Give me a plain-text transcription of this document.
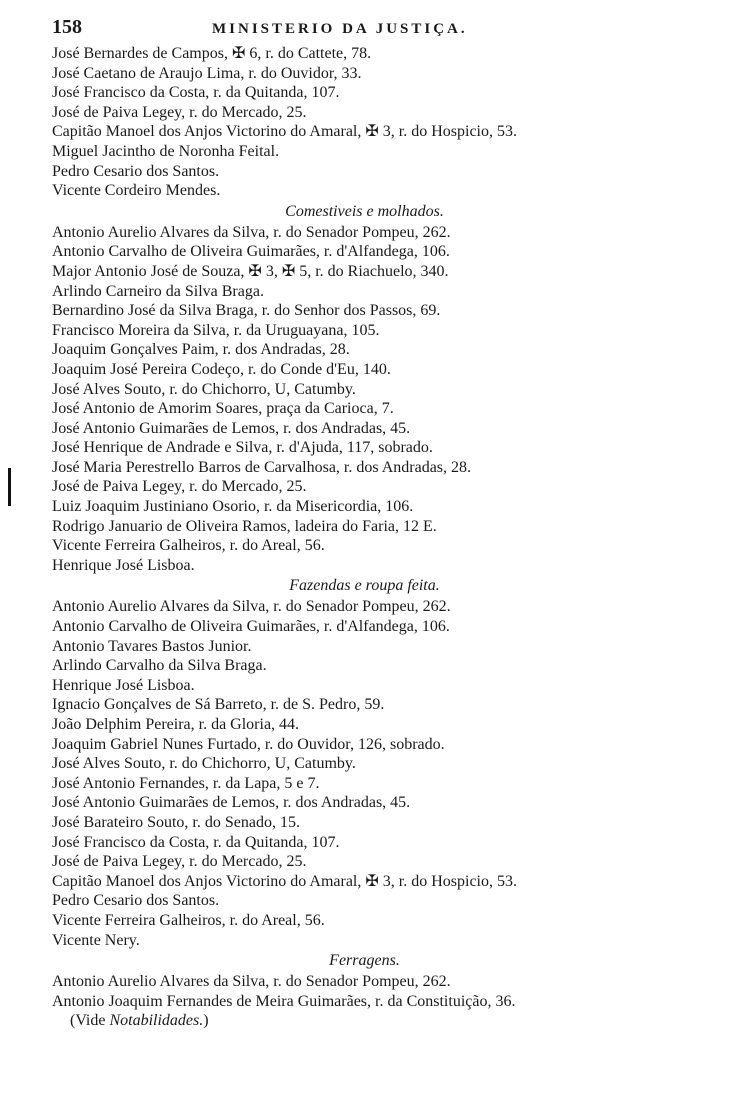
158	MINISTERIO DA JUSTIÇA.
José Bernardes de Campos, ✠ 6, r. do Cattete, 78.
José Caetano de Araujo Lima, r. do Ouvidor, 33.
José Francisco da Costa, r. da Quitanda, 107.
José de Paiva Legey, r. do Mercado, 25.
Capitão Manoel dos Anjos Victorino do Amaral, ✠ 3, r. do Hospicio, 53.
Miguel Jacintho de Noronha Feital.
Pedro Cesario dos Santos.
Vicente Cordeiro Mendes.
Comestiveis e molhados.
Antonio Aurelio Alvares da Silva, r. do Senador Pompeu, 262.
Antonio Carvalho de Oliveira Guimarães, r. d'Alfandega, 106.
Major Antonio José de Souza, ✠ 3, ✠ 5, r. do Riachuelo, 340.
Arlindo Carneiro da Silva Braga.
Bernardino José da Silva Braga, r. do Senhor dos Passos, 69.
Francisco Moreira da Silva, r. da Uruguayana, 105.
Joaquim Gonçalves Paim, r. dos Andradas, 28.
Joaquim José Pereira Codeço, r. do Conde d'Eu, 140.
José Alves Souto, r. do Chichorro, U, Catumby.
José Antonio de Amorim Soares, praça da Carioca, 7.
José Antonio Guimarães de Lemos, r. dos Andradas, 45.
José Henrique de Andrade e Silva, r. d'Ajuda, 117, sobrado.
José Maria Perestrello Barros de Carvalhosa, r. dos Andradas, 28.
José de Paiva Legey, r. do Mercado, 25.
Luiz Joaquim Justiniano Osorio, r. da Misericordia, 106.
Rodrigo Januario de Oliveira Ramos, ladeira do Faria, 12 E.
Vicente Ferreira Galheiros, r. do Areal, 56.
Henrique José Lisboa.
Fazendas e roupa feita.
Antonio Aurelio Alvares da Silva, r. do Senador Pompeu, 262.
Antonio Carvalho de Oliveira Guimarães, r. d'Alfandega, 106.
Antonio Tavares Bastos Junior.
Arlindo Carvalho da Silva Braga.
Henrique José Lisboa.
Ignacio Gonçalves de Sá Barreto, r. de S. Pedro, 59.
João Delphim Pereira, r. da Gloria, 44.
Joaquim Gabriel Nunes Furtado, r. do Ouvidor, 126, sobrado.
José Alves Souto, r. do Chichorro, U, Catumby.
José Antonio Fernandes, r. da Lapa, 5 e 7.
José Antonio Guimarães de Lemos, r. dos Andradas, 45.
José Barateiro Souto, r. do Senado, 15.
José Francisco da Costa, r. da Quitanda, 107.
José de Paiva Legey, r. do Mercado, 25.
Capitão Manoel dos Anjos Victorino do Amaral, ✠ 3, r. do Hospicio, 53.
Pedro Cesario dos Santos.
Vicente Ferreira Galheiros, r. do Areal, 56.
Vicente Nery.
Ferragens.
Antonio Aurelio Alvares da Silva, r. do Senador Pompeu, 262.
Antonio Joaquim Fernandes de Meira Guimarães, r. da Constituição, 36.
(Vide Notabilidades.)
